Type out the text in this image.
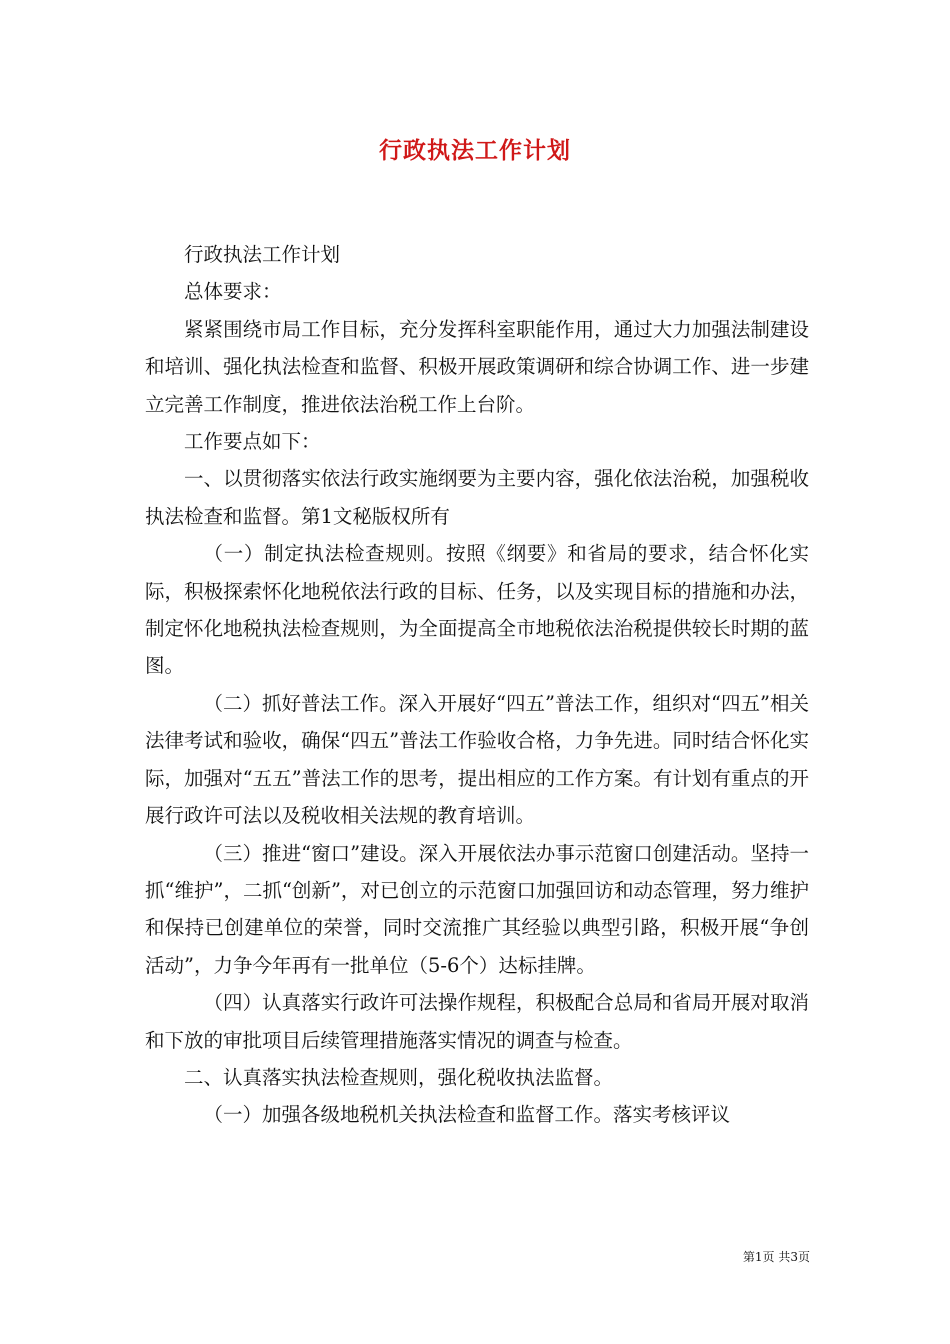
行政执法工作计划

行政执法工作计划

总体要求：

紧紧围绕市局工作目标，充分发挥科室职能作用，通过大力加强法制建设和培训、强化执法检查和监督、积极开展政策调研和综合协调工作、进一步建立完善工作制度，推进依法治税工作上台阶。

工作要点如下：

一、以贯彻落实依法行政实施纲要为主要内容，强化依法治税，加强税收执法检查和监督。第1文秘版权所有

（一）制定执法检查规则。按照《纲要》和省局的要求，结合怀化实际，积极探索怀化地税依法行政的目标、任务，以及实现目标的措施和办法，制定怀化地税执法检查规则，为全面提高全市地税依法治税提供较长时期的蓝图。

（二）抓好普法工作。深入开展好“四五”普法工作，组织对“四五”相关法律考试和验收，确保“四五”普法工作验收合格，力争先进。同时结合怀化实际，加强对“五五”普法工作的思考，提出相应的工作方案。有计划有重点的开展行政许可法以及税收相关法规的教育培训。

（三）推进“窗口”建设。深入开展依法办事示范窗口创建活动。坚持一抓“维护”，二抓“创新”，对已创立的示范窗口加强回访和动态管理，努力维护和保持已创建单位的荣誉，同时交流推广其经验以典型引路，积极开展“争创活动”，力争今年再有一批单位（5-6个）达标挂牌。

（四）认真落实行政许可法操作规程，积极配合总局和省局开展对取消和下放的审批项目后续管理措施落实情况的调查与检查。

二、认真落实执法检查规则，强化税收执法监督。

（一）加强各级地税机关执法检查和监督工作。落实考核评议

第1页 共3页
